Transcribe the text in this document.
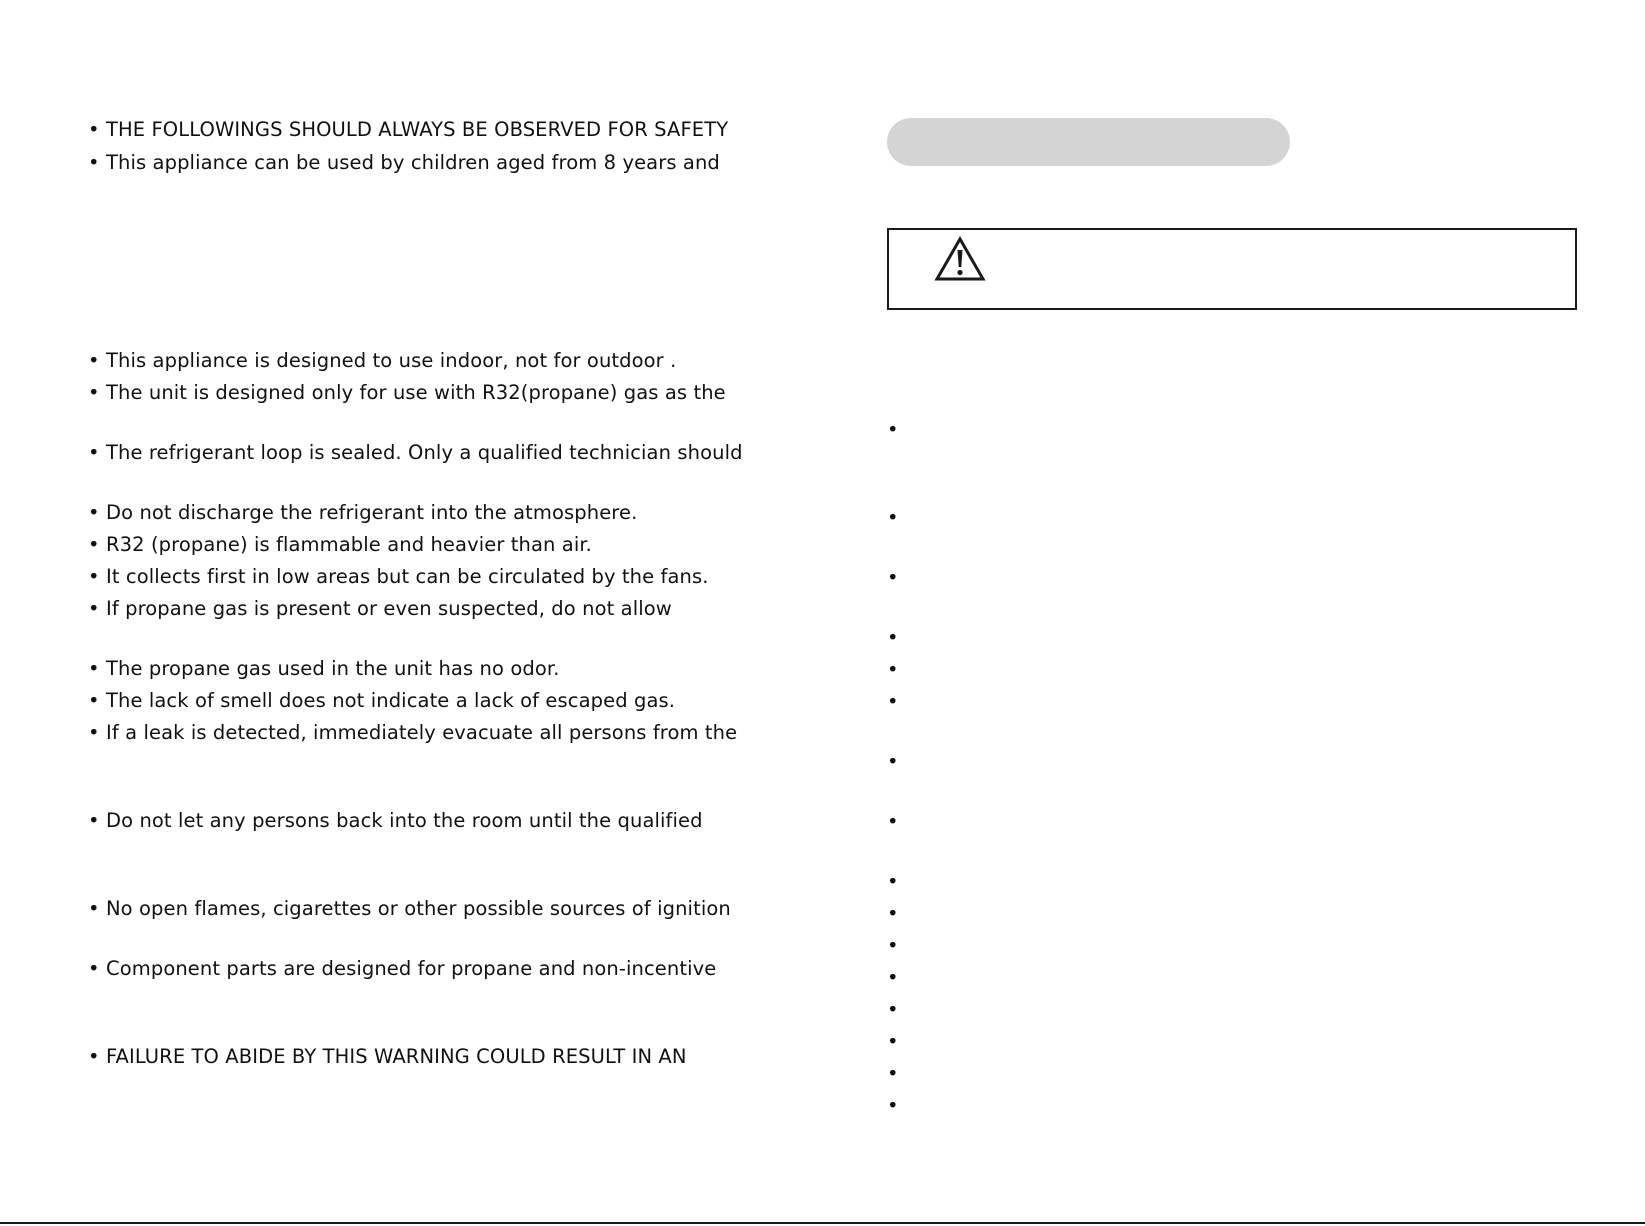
• THE FOLLOWINGS SHOULD ALWAYS BE OBSERVED FOR SAFETY
• This appliance can be used by children aged from 8 years and
• This appliance is designed to use indoor, not for outdoor .
• The unit is designed only for use with R32(propane) gas as the
• The refrigerant loop is sealed. Only a qualified technician should
• Do not discharge the refrigerant into the atmosphere.
• R32 (propane) is flammable and heavier than air.
• It collects first in low areas but can be circulated by the fans.
• If propane gas is present or even suspected, do not allow
• The propane gas used in the unit has no odor.
• The lack of smell does not indicate a lack of escaped gas.
• If a leak is detected, immediately evacuate all persons from the
• Do not let any persons back into the room until the qualified
• No open flames, cigarettes or other possible sources of ignition
• Component parts are designed for propane and non-incentive
• FAILURE TO ABIDE BY THIS WARNING COULD RESULT IN AN
•
•
•
•
•
•
•
•
•
•
•
•
•
•
•
•
